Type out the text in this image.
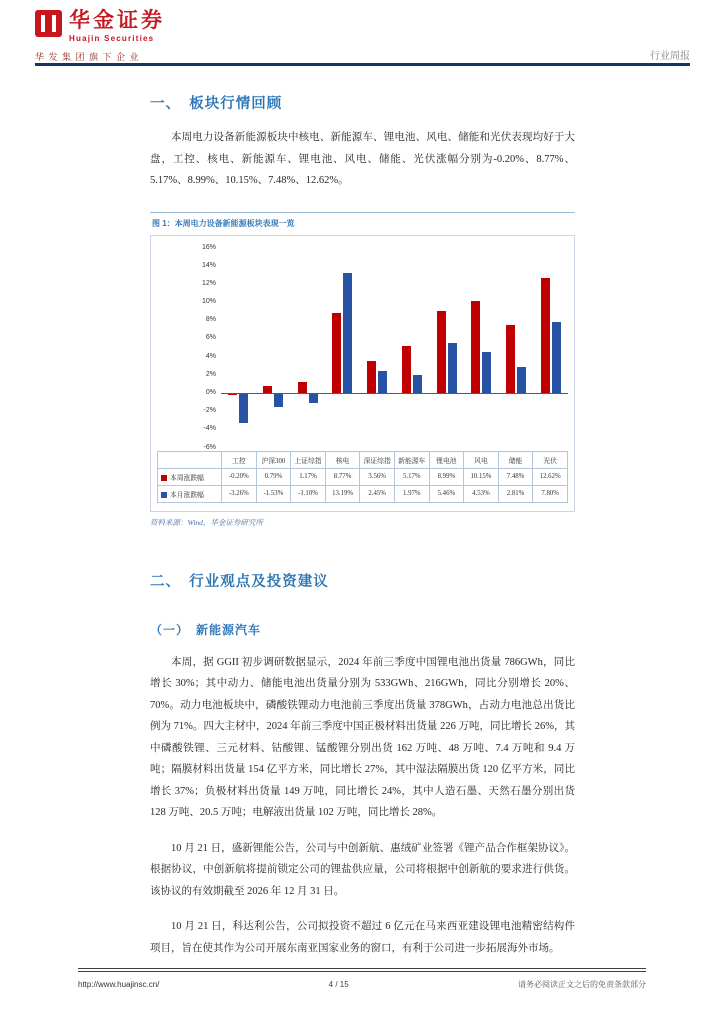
华金证券
Huajin Securities
华发集团旗下企业	行业周报
一、　板块行情回顾

本周电力设备新能源板块中核电、新能源车、锂电池、风电、储能和光伏表现均好于大盘，工控、核电、新能源车、锂电池、风电、储能、光伏涨幅分别为-0.20%、8.77%、5.17%、8.99%、10.15%、7.48%、12.62%。

图 1：本周电力设备新能源板块表现一览
16%
14%
12%
10%
8%
6%
4%
2%
0%
-2%
-4%
-6%
	工控	沪深300	上证综指	核电	深证综指	新能源车	锂电池	风电	储能	光伏
本周涨跌幅	-0.20%	0.79%	1.17%	8.77%	3.56%	5.17%	8.99%	10.15%	7.48%	12.62%
本月涨跌幅	-3.26%	-1.53%	-1.10%	13.19%	2.45%	1.97%	5.46%	4.53%	2.81%	7.80%
资料来源：Wind，华金证券研究所
二、　行业观点及投资建议
（一）　新能源汽车

本周，据 GGII 初步调研数据显示，2024 年前三季度中国锂电池出货量 786GWh，同比增长 30%；其中动力、储能电池出货量分别为 533GWh、216GWh，同比分别增长 20%、70%。动力电池板块中，磷酸铁锂动力电池前三季度出货量 378GWh，占动力电池总出货比例为 71%。四大主材中，2024 年前三季度中国正极材料出货量 226 万吨，同比增长 26%，其中磷酸铁锂、三元材料、钴酸锂、锰酸锂分别出货 162 万吨、48 万吨、7.4 万吨和 9.4 万吨；隔膜材料出货量 154 亿平方米，同比增长 27%，其中湿法隔膜出货 120 亿平方米，同比增长 37%；负极材料出货量 149 万吨，同比增长 24%，其中人造石墨、天然石墨分别出货 128 万吨、20.5 万吨；电解液出货量 102 万吨，同比增长 28%。

10 月 21 日，盛新锂能公告，公司与中创新航、惠绒矿业签署《锂产品合作框架协议》。根据协议，中创新航将提前锁定公司的锂盐供应量，公司将根据中创新航的要求进行供货。该协议的有效期截至 2026 年 12 月 31 日。

10 月 21 日，科达利公告，公司拟投资不超过 6 亿元在马来西亚建设锂电池精密结构件项目，旨在使其作为公司开展东南亚国家业务的窗口，有利于公司进一步拓展海外市场。

http://www.huajinsc.cn/	4 / 15	请务必阅读正文之后的免责条款部分
